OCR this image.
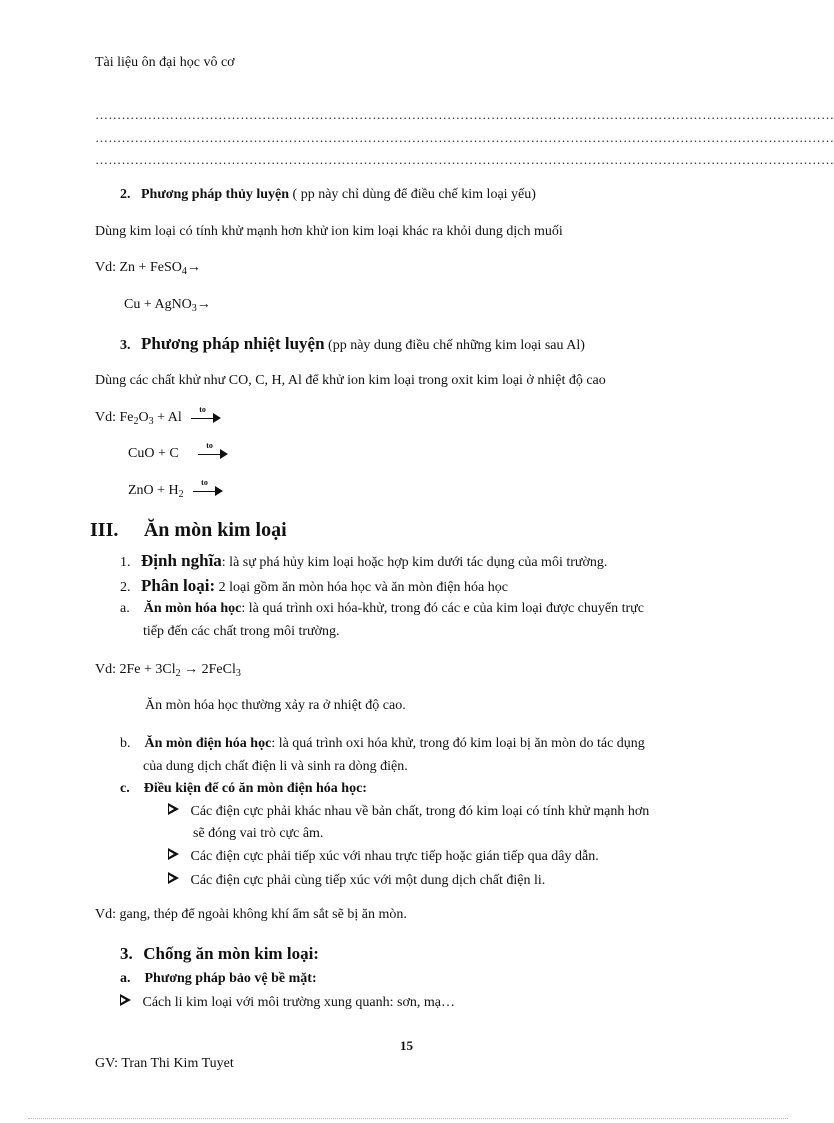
Tài liệu ôn đại học vô cơ
……………………………………………………………………………………………………………………………………………………
……………………………………………………………………………………………………………………………………………………
……………………………………………………………………………………………………………………………………………………
2. Phương pháp thủy luyện ( pp này chỉ dùng để điều chế kim loại yếu)
Dùng kim loại có tính khử mạnh hơn khử ion kim loại khác ra khỏi dung dịch muối
Vd: Zn + FeSO$_4$→
Cu + AgNO$_3$→
3. Phương pháp nhiệt luyện (pp này dung điều chế những kim loại sau Al)
Dùng các chất khử như CO, C, H, Al để khử ion kim loại trong oxit kim loại ở nhiệt độ cao
Vd: $Fe_2O_3 + Al$
to
CuO + C
to
ZnO + $H_2$
to
III. Ăn mòn kim loại
1. Định nghĩa: là sự phá hủy kim loại hoặc hợp kim dưới tác dụng của môi trường.
2. Phân loại: 2 loại gồm ăn mòn hóa học và ăn mòn điện hóa học
a. Ăn mòn hóa học: là quá trình oxi hóa-khử, trong đó các e của kim loại được chuyển trực
tiếp đến các chất trong môi trường.
Vd: $2Fe + 3Cl_2$ → 2FeCl$_3$
Ăn mòn hóa học thường xảy ra ở nhiệt độ cao.
b. Ăn mòn điện hóa học: là quá trình oxi hóa khử, trong đó kim loại bị ăn mòn do tác dụng
của dung dịch chất điện li và sinh ra dòng điện.
c. Điều kiện để có ăn mòn điện hóa học:
Các điện cực phải khác nhau về bản chất, trong đó kim loại có tính khử mạnh hơn
sẽ đóng vai trò cực âm.
Các điện cực phải tiếp xúc với nhau trực tiếp hoặc gián tiếp qua dây dẫn.
Các điện cực phải cùng tiếp xúc với một dung dịch chất điện li.
Vd: gang, thép để ngoài không khí ẩm sắt sẽ bị ăn mòn.
3. Chống ăn mòn kim loại:
a. Phương pháp bảo vệ bề mặt:
Cách li kim loại với môi trường xung quanh: sơn, mạ…
15
GV: Tran Thi Kim Tuyet
